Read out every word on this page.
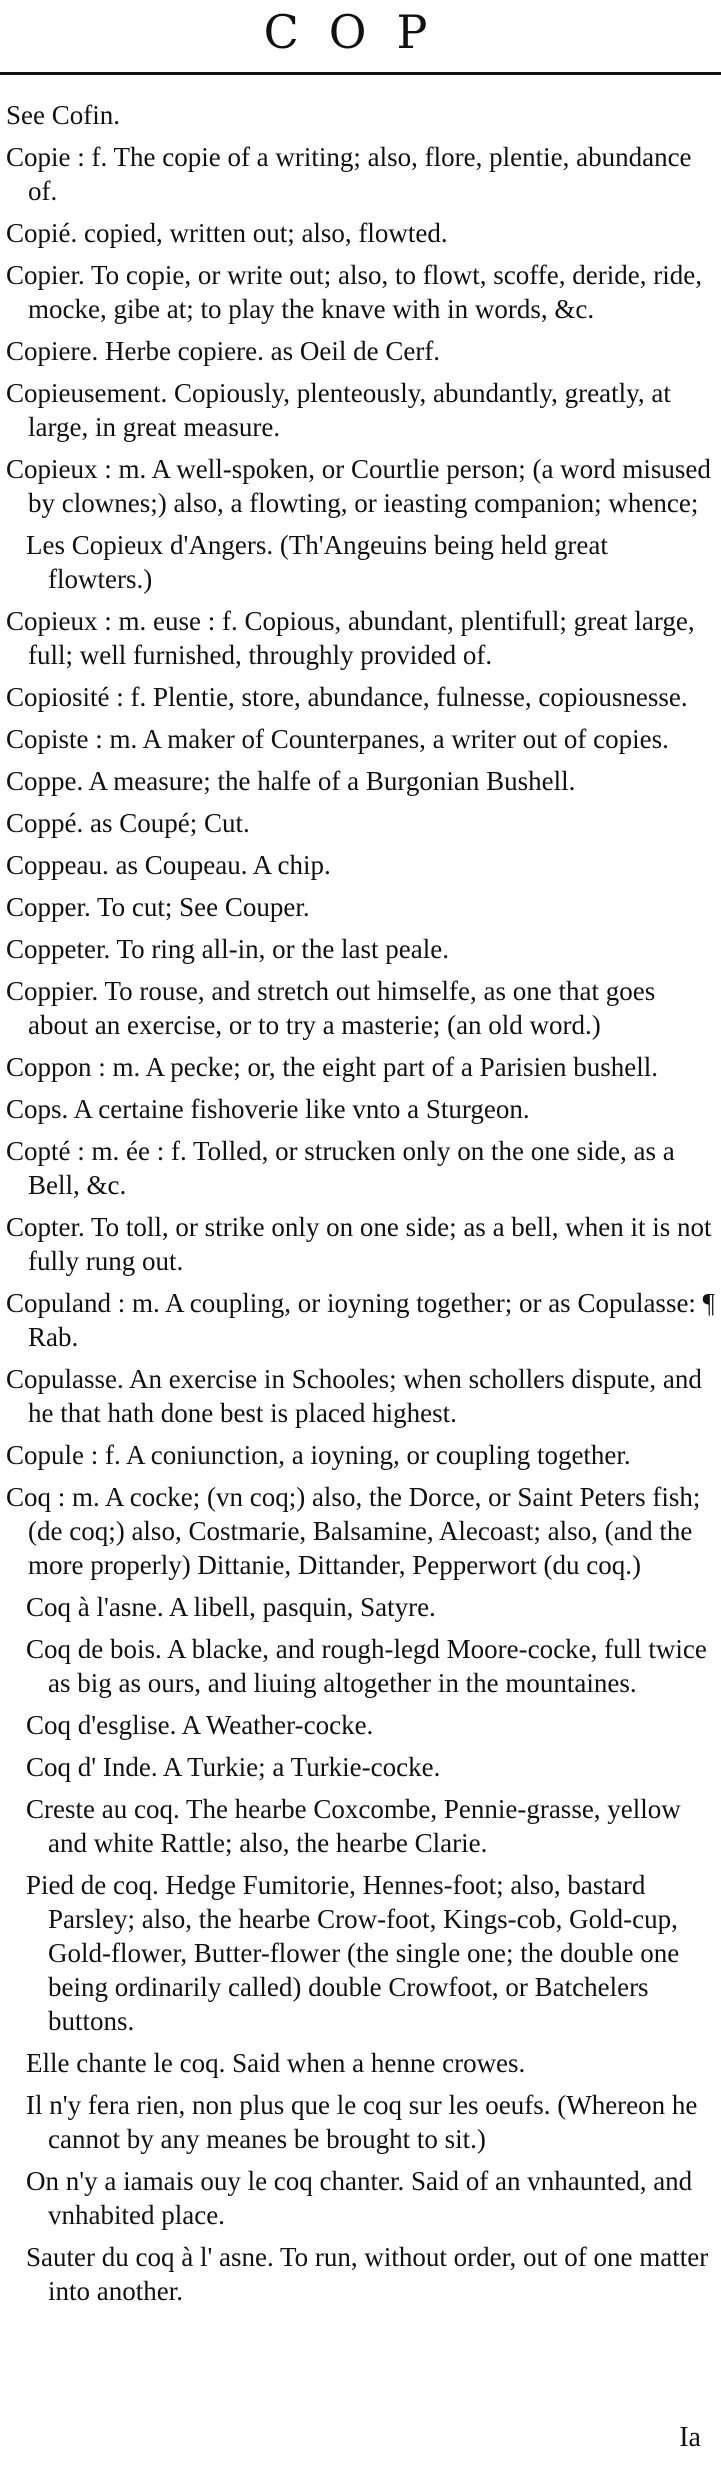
COP
See Cofin.
Copie : f. The copie of a writing; also, flore, plentie, abundance of.
Copié. copied, written out; also, flowted.
Copier. To copie, or write out; also, to flowt, scoffe, deride, ride, mocke, gibe at; to play the knave with in words, &c.
Copiere. Herbe copiere. as Oeil de Cerf.
Copieusement. Copiously, plenteously, abundantly, greatly, at large, in great measure.
Copieux : m. A well-spoken, or Courtlie person; (a word misused by clownes;) also, a flowting, or ieasting companion; whence;
Les Copieux d'Angers. (Th'Angeuins being held great flowters.)
Copieux : m. euse : f. Copious, abundant, plentifull; great large, full; well furnished, throughly provided of.
Copiosité : f. Plentie, store, abundance, fulnesse, copiousnesse.
Copiste : m. A maker of Counterpanes, a writer out of copies.
Coppe. A measure; the halfe of a Burgonian Bushell.
Coppé. as Coupé; Cut.
Coppeau. as Coupeau. A chip.
Copper. To cut; See Couper.
Coppeter. To ring all-in, or the last peale.
Coppier. To rouse, and stretch out himselfe, as one that goes about an exercise, or to try a masterie; (an old word.)
Coppon : m. A pecke; or, the eight part of a Parisien bushell.
Cops. A certaine fishoverie like vnto a Sturgeon.
Copté : m. ée : f. Tolled, or strucken only on the one side, as a Bell, &c.
Copter. To toll, or strike only on one side; as a bell, when it is not fully rung out.
Copuland : m. A coupling, or ioyning together; or as Copulasse: ¶ Rab.
Copulasse. An exercise in Schooles; when schollers dispute, and he that hath done best is placed highest.
Copule : f. A coniunction, a ioyning, or coupling together.
Coq : m. A cocke; (vn coq;) also, the Dorce, or Saint Peters fish; (de coq;) also, Costmarie, Balsamine, Alecoast; also, (and the more properly) Dittanie, Dittander, Pepperwort (du coq.)
Coq à l'asne. A libell, pasquin, Satyre.
Coq de bois. A blacke, and rough-legd Moore-cocke, full twice as big as ours, and liuing altogether in the mountaines.
Coq d'esglise. A Weather-cocke.
Coq d' Inde. A Turkie; a Turkie-cocke.
Creste au coq. The hearbe Coxcombe, Pennie-grasse, yellow and white Rattle; also, the hearbe Clarie.
Pied de coq. Hedge Fumitorie, Hennes-foot; also, bastard Parsley; also, the hearbe Crow-foot, Kings-cob, Gold-cup, Gold-flower, Butter-flower (the single one; the double one being ordinarily called) double Crowfoot, or Batchelers buttons.
Elle chante le coq. Said when a henne crowes.
Il n'y fera rien, non plus que le coq sur les oeufs. (Whereon he cannot by any meanes be brought to sit.)
On n'y a iamais ouy le coq chanter. Said of an vnhaunted, and vnhabited place.
Sauter du coq à l' asne. To run, without order, out of one matter into another.
Ia
